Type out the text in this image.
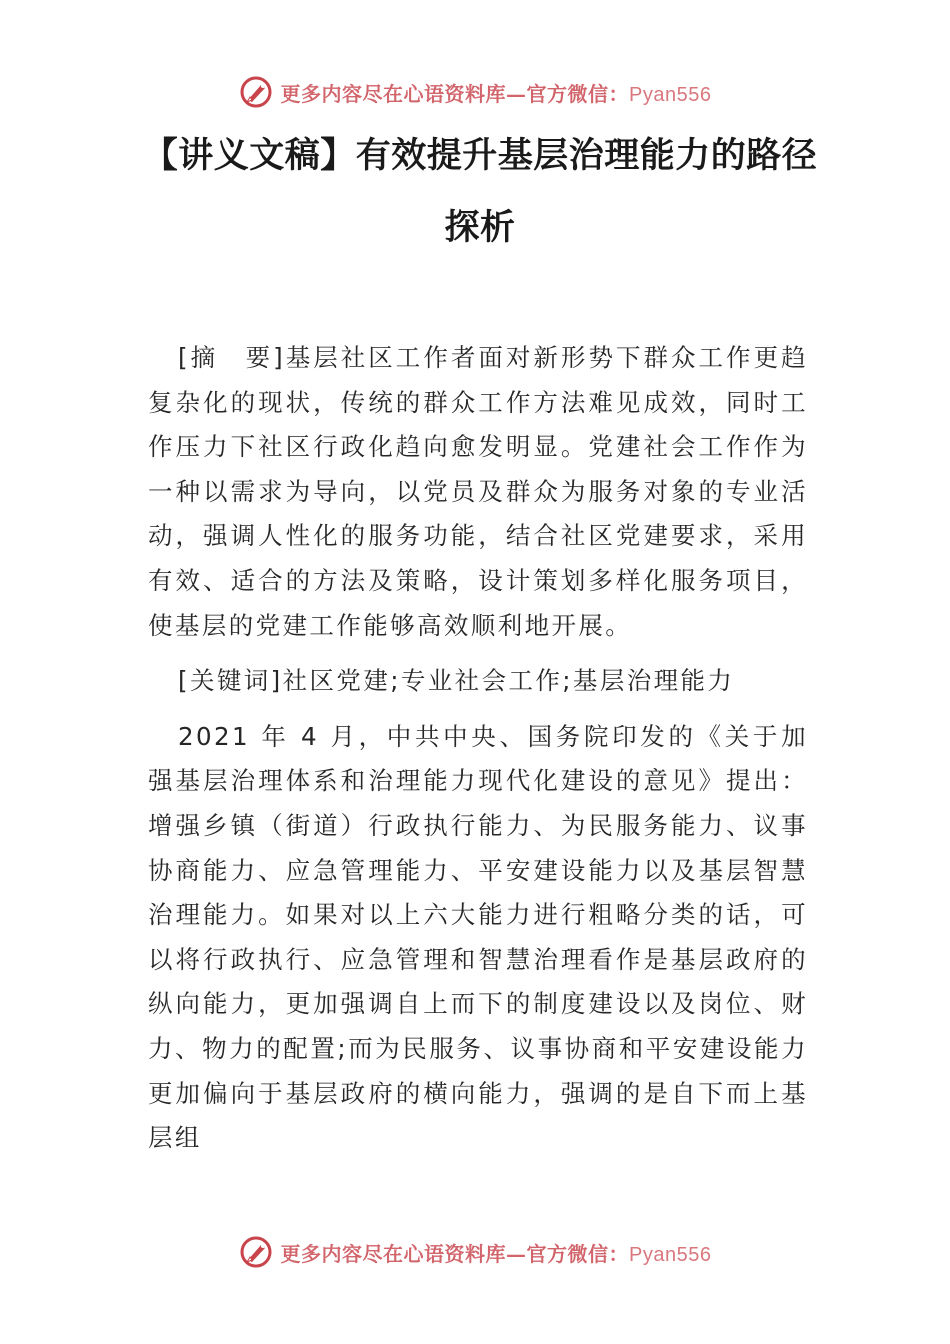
更多内容尽在心语资料库—官方微信：Pyan556
【讲义文稿】有效提升基层治理能力的路径探析

[摘　要]基层社区工作者面对新形势下群众工作更趋复杂化的现状，传统的群众工作方法难见成效，同时工作压力下社区行政化趋向愈发明显。党建社会工作作为一种以需求为导向，以党员及群众为服务对象的专业活动，强调人性化的服务功能，结合社区党建要求，采用有效、适合的方法及策略，设计策划多样化服务项目，使基层的党建工作能够高效顺利地开展。

[关键词]社区党建;专业社会工作;基层治理能力

2021 年 4 月，中共中央、国务院印发的《关于加强基层治理体系和治理能力现代化建设的意见》提出：增强乡镇（街道）行政执行能力、为民服务能力、议事协商能力、应急管理能力、平安建设能力以及基层智慧治理能力。如果对以上六大能力进行粗略分类的话，可以将行政执行、应急管理和智慧治理看作是基层政府的纵向能力，更加强调自上而下的制度建设以及岗位、财力、物力的配置;而为民服务、议事协商和平安建设能力更加偏向于基层政府的横向能力，强调的是自下而上基层组

更多内容尽在心语资料库—官方微信：Pyan556
